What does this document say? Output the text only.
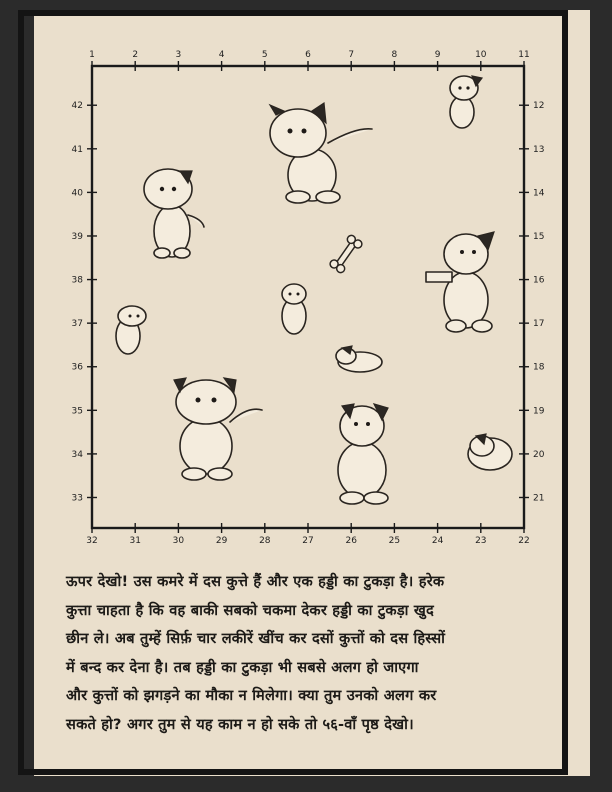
1
32
2
31
3
30
4
29
5
28
6
27
7
26
8
25
9
24
10
23
11
22
42	12
41	13
40	14
39	15
38	16
37	17
36	18
35	19
34	20
33	21
ऊपर देखो! उस कमरे में दस कुत्ते हैं और एक हड्डी का टुकड़ा है। हरेक
कुत्ता चाहता है कि वह बाकी सबको चकमा देकर हड्डी का टुकड़ा खुद
छीन ले। अब तुम्हें सिर्फ़ चार लकीरें खींच कर दसों कुत्तों को दस हिस्सों
में बन्द कर देना है। तब हड्डी का टुकड़ा भी सबसे अलग हो जाएगा
और कुत्तों को झगड़ने का मौका न मिलेगा। क्या तुम उनको अलग कर
सकते हो? अगर तुम से यह काम न हो सके तो ५६-वाँ पृष्ठ देखो।
